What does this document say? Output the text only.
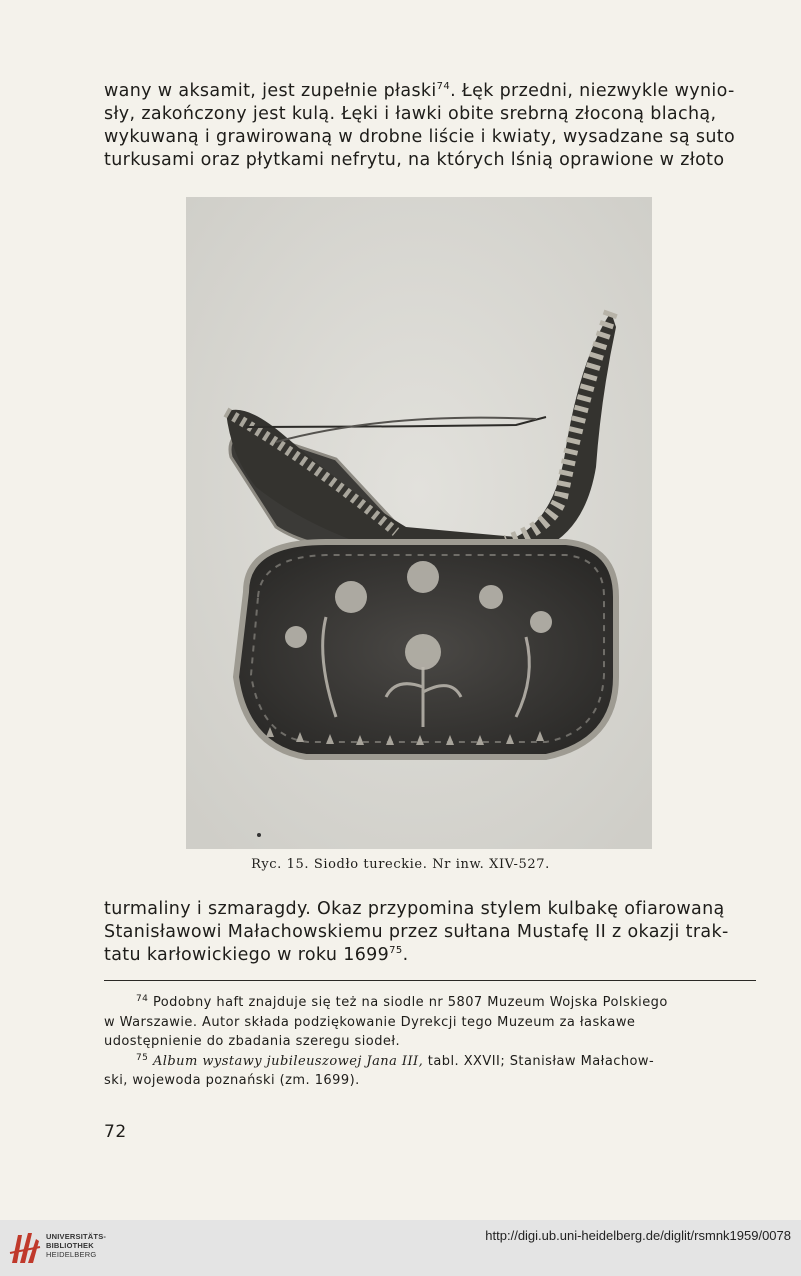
wany w aksamit, jest zupełnie płaski$^{74}$. Łęk przedni, niezwykle wynio-
sły, zakończony jest kulą. Łęki i ławki obite srebrną złoconą blachą,
wykuwaną i grawirowaną w drobne liście i kwiaty, wysadzane są suto
turkusami oraz płytkami nefrytu, na których lśnią oprawione w złoto
Ryc. 15. Siodło tureckie. Nr inw. XIV-527.
turmaliny i szmaragdy. Okaz przypomina stylem kulbakę ofiarowaną
Stanisławowi Małachowskiemu przez sułtana Mustafę II z okazji trak-
tatu karłowickiego w roku 1699$^{75}$.
$^{74}$ Podobny haft znajduje się też na siodle nr 5807 Muzeum Wojska Polskiego
w Warszawie. Autor składa podziękowanie Dyrekcji tego Muzeum za łaskawe
udostępnienie do zbadania szeregu siodeł.
$^{75}$ Album wystawy jubileuszowej Jana III, tabl. XXVII; Stanisław Małachow-
ski, wojewoda poznański (zm. 1699).
72
UNIVERSITÄTS-
BIBLIOTHEK
HEIDELBERG
http://digi.ub.uni-heidelberg.de/diglit/rsmnk1959/0078
